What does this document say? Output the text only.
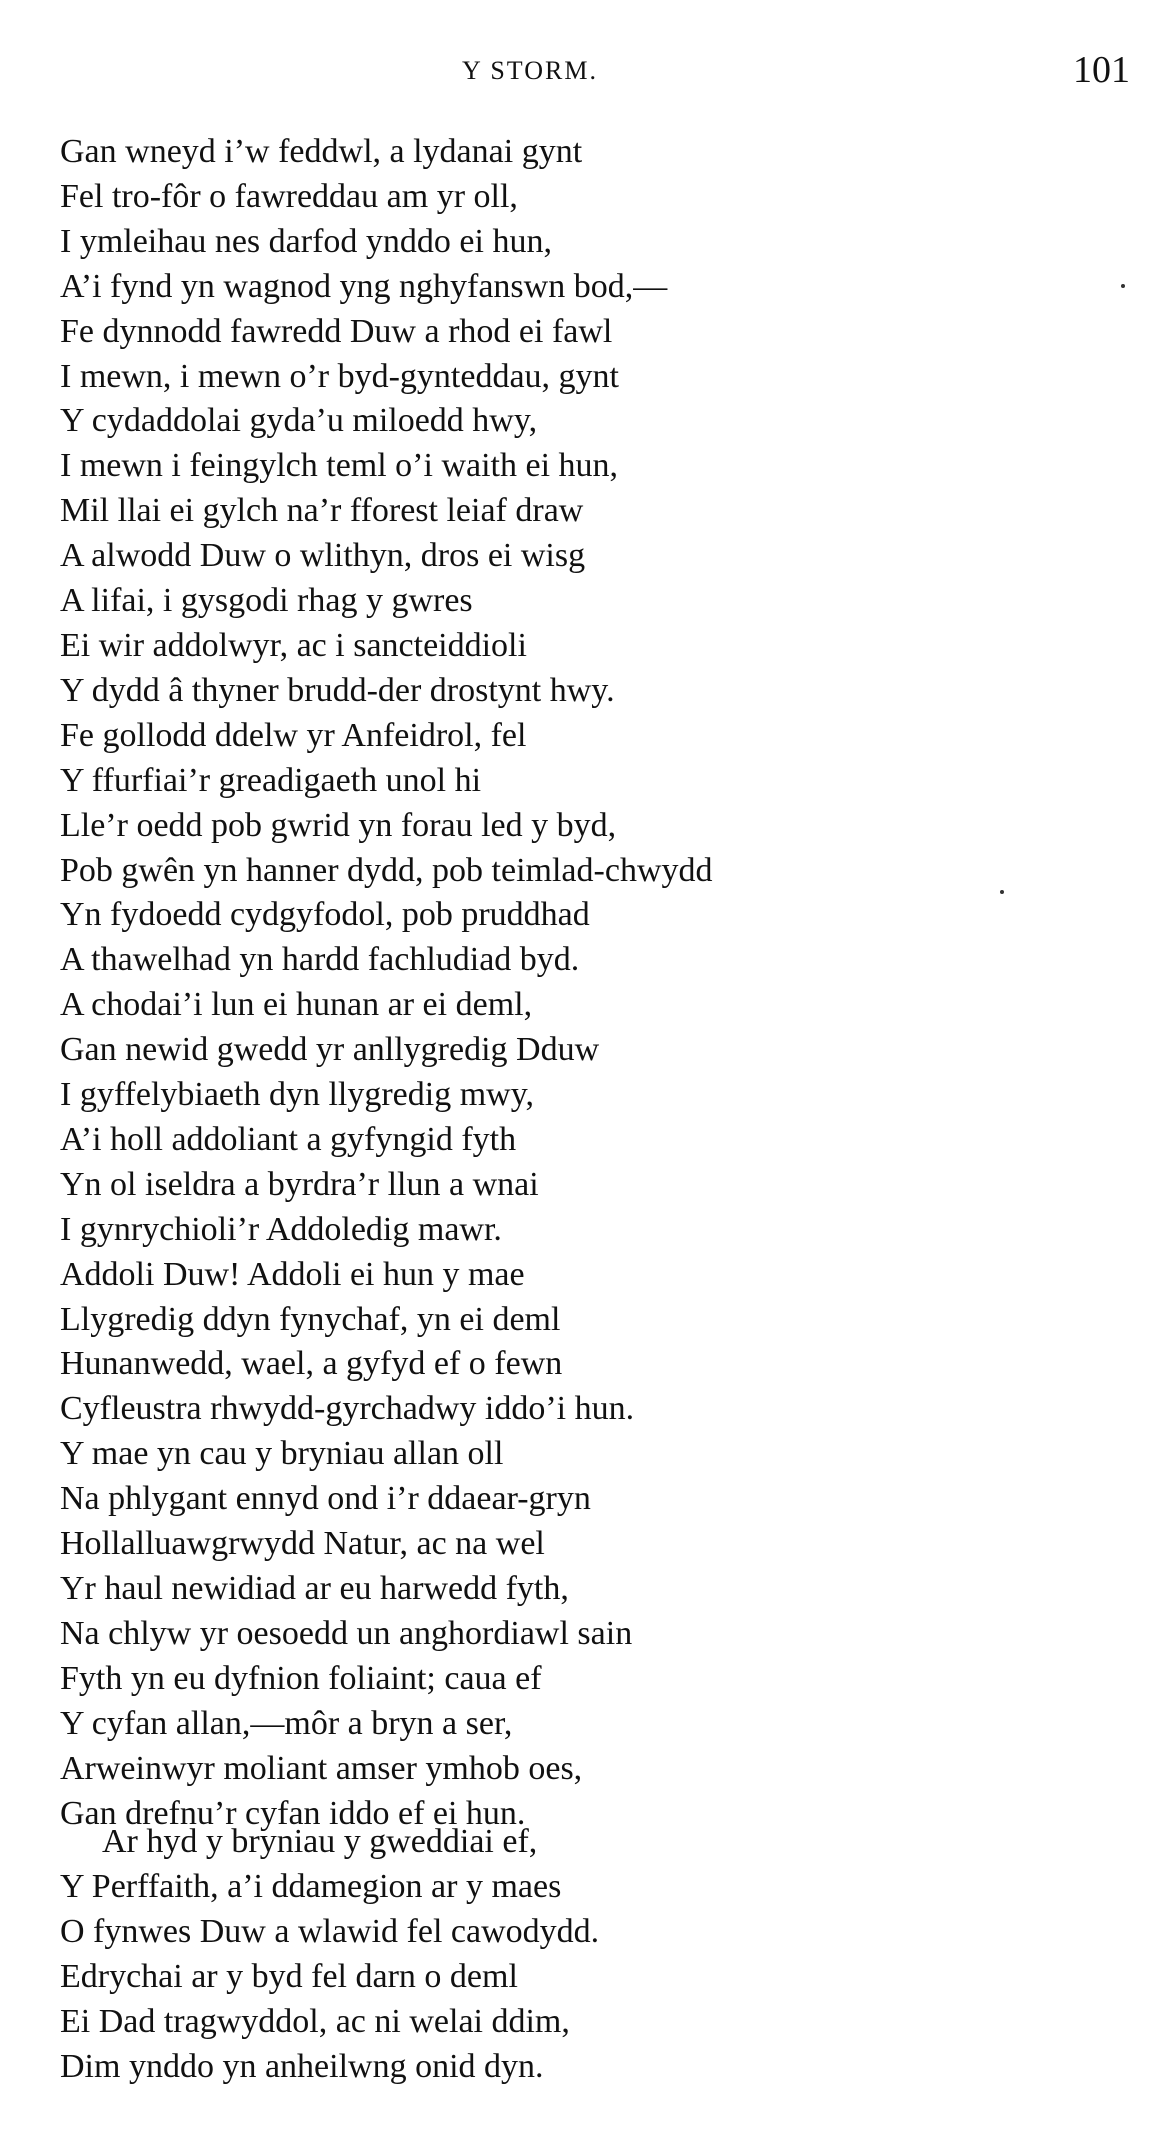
Y STORM.	101
Gan wneyd i’w feddwl, a lydanai gynt
Fel tro-fôr o fawreddau am yr oll,
I ymleihau nes darfod ynddo ei hun,
A’i fynd yn wagnod yng nghyfanswn bod,—
Fe dynnodd fawredd Duw a rhod ei fawl
I mewn, i mewn o’r byd-gynteddau, gynt
Y cydaddolai gyda’u miloedd hwy,
I mewn i feingylch teml o’i waith ei hun,
Mil llai ei gylch na’r fforest leiaf draw
A alwodd Duw o wlithyn, dros ei wisg
A lifai, i gysgodi rhag y gwres
Ei wir addolwyr, ac i sancteiddioli
Y dydd â thyner brudd-der drostynt hwy.
Fe gollodd ddelw yr Anfeidrol, fel
Y ffurfiai’r greadigaeth unol hi
Lle’r oedd pob gwrid yn forau led y byd,
Pob gwên yn hanner dydd, pob teimlad-chwydd
Yn fydoedd cydgyfodol, pob pruddhad
A thawelhad yn hardd fachludiad byd.
A chodai’i lun ei hunan ar ei deml,
Gan newid gwedd yr anllygredig Dduw
I gyffelybiaeth dyn llygredig mwy,
A’i holl addoliant a gyfyngid fyth
Yn ol iseldra a byrdra’r llun a wnai
I gynrychioli’r Addoledig mawr.
Addoli Duw! Addoli ei hun y mae
Llygredig ddyn fynychaf, yn ei deml
Hunanwedd, wael, a gyfyd ef o fewn
Cyfleustra rhwydd-gyrchadwy iddo’i hun.
Y mae yn cau y bryniau allan oll
Na phlygant ennyd ond i’r ddaear-gryn
Hollalluawgrwydd Natur, ac na wel
Yr haul newidiad ar eu harwedd fyth,
Na chlyw yr oesoedd un anghordiawl sain
Fyth yn eu dyfnion foliaint; caua ef
Y cyfan allan,—môr a bryn a ser,
Arweinwyr moliant amser ymhob oes,
Gan drefnu’r cyfan iddo ef ei hun.
Ar hyd y bryniau y gweddiai ef,
Y Perffaith, a’i ddamegion ar y maes
O fynwes Duw a wlawid fel cawodydd.
Edrychai ar y byd fel darn o deml
Ei Dad tragwyddol, ac ni welai ddim,
Dim ynddo yn anheilwng onid dyn.
